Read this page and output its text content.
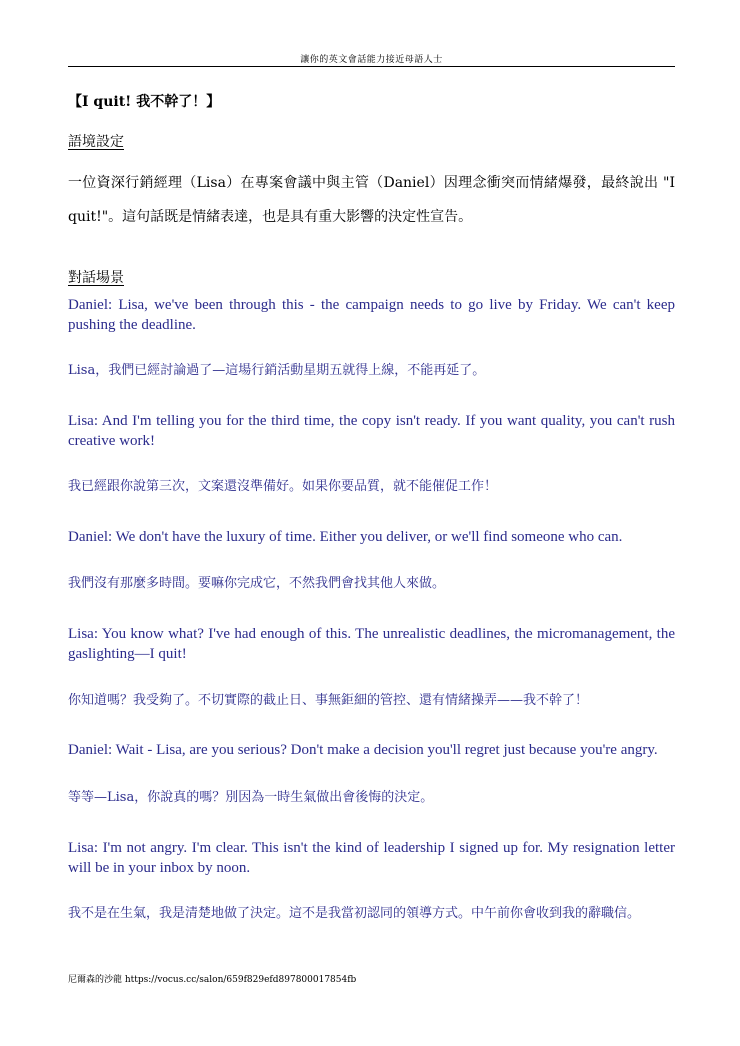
讓你的英文會話能力接近母語人士
【I quit! 我不幹了！】
語境設定
一位資深行銷經理（Lisa）在專案會議中與主管（Daniel）因理念衝突而情緒爆發，最終說出 "I quit!"。這句話既是情緒表達，也是具有重大影響的決定性宣告。
對話場景
Daniel: Lisa, we've been through this - the campaign needs to go live by Friday. We can't keep pushing the deadline.
Lisa，我們已經討論過了—這場行銷活動星期五就得上線，不能再延了。
Lisa: And I'm telling you for the third time, the copy isn't ready. If you want quality, you can't rush creative work!
我已經跟你說第三次，文案還沒準備好。如果你要品質，就不能催促工作！
Daniel: We don't have the luxury of time. Either you deliver, or we'll find someone who can.
我們沒有那麼多時間。要嘛你完成它，不然我們會找其他人來做。
Lisa: You know what? I've had enough of this. The unrealistic deadlines, the micromanagement, the gaslighting—I quit!
你知道嗎？我受夠了。不切實際的截止日、事無鉅細的管控、還有情緒操弄——我不幹了！
Daniel: Wait - Lisa, are you serious? Don't make a decision you'll regret just because you're angry.
等等—Lisa，你說真的嗎？別因為一時生氣做出會後悔的決定。
Lisa: I'm not angry. I'm clear. This isn't the kind of leadership I signed up for. My resignation letter will be in your inbox by noon.
我不是在生氣，我是清楚地做了決定。這不是我當初認同的領導方式。中午前你會收到我的辭職信。
尼爾森的沙龍 https://vocus.cc/salon/659f829efd897800017854fb
